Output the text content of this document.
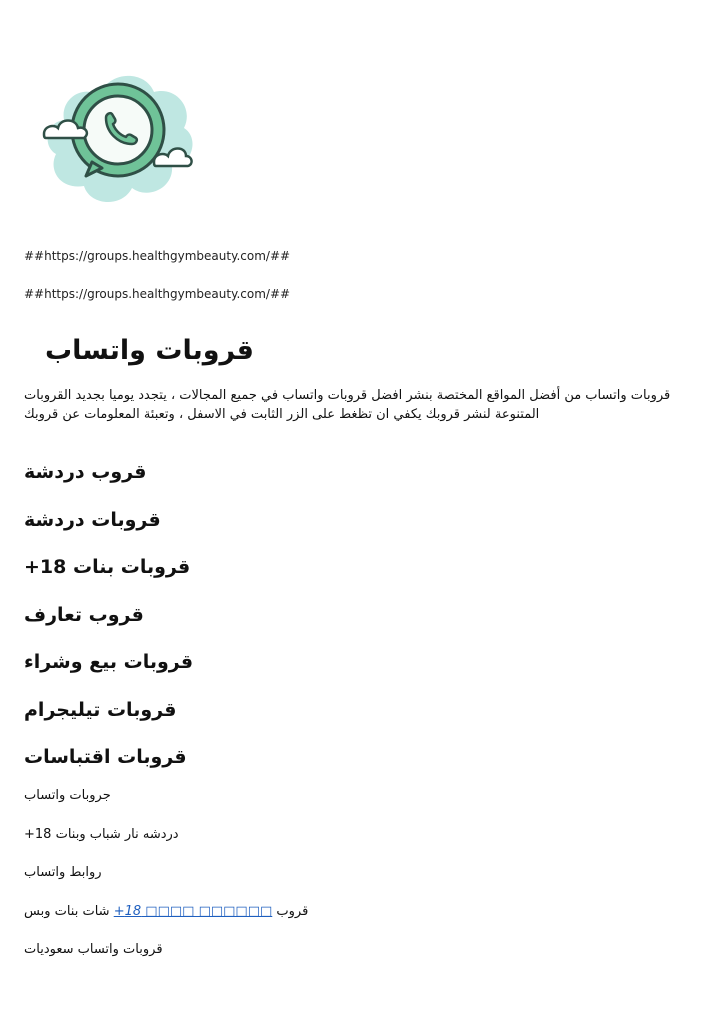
##https://groups.healthgymbeauty.com/##
##https://groups.healthgymbeauty.com/##
قروبات واتساب
قروبات واتساب من أفضل المواقع المختصة بنشر افضل قروبات واتساب في جميع المجالات ، يتجدد يوميا بجديد القروبات المتنوعة لنشر قروبك يكفي ان تظغط على الزر الثابت في الاسفل ، وتعبئة المعلومات عن قروبك
قروب دردشة
قروبات دردشة
قروبات بنات 18+
قروب تعارف
قروبات بيع وشراء
قروبات تيليجرام
قروبات اقتباسات
جروبات واتساب
دردشه نار شباب وبنات 18+
روابط واتساب
قروب □□□□□□ □□□□ 18+ شات بنات وبس
قروبات واتساب سعوديات
